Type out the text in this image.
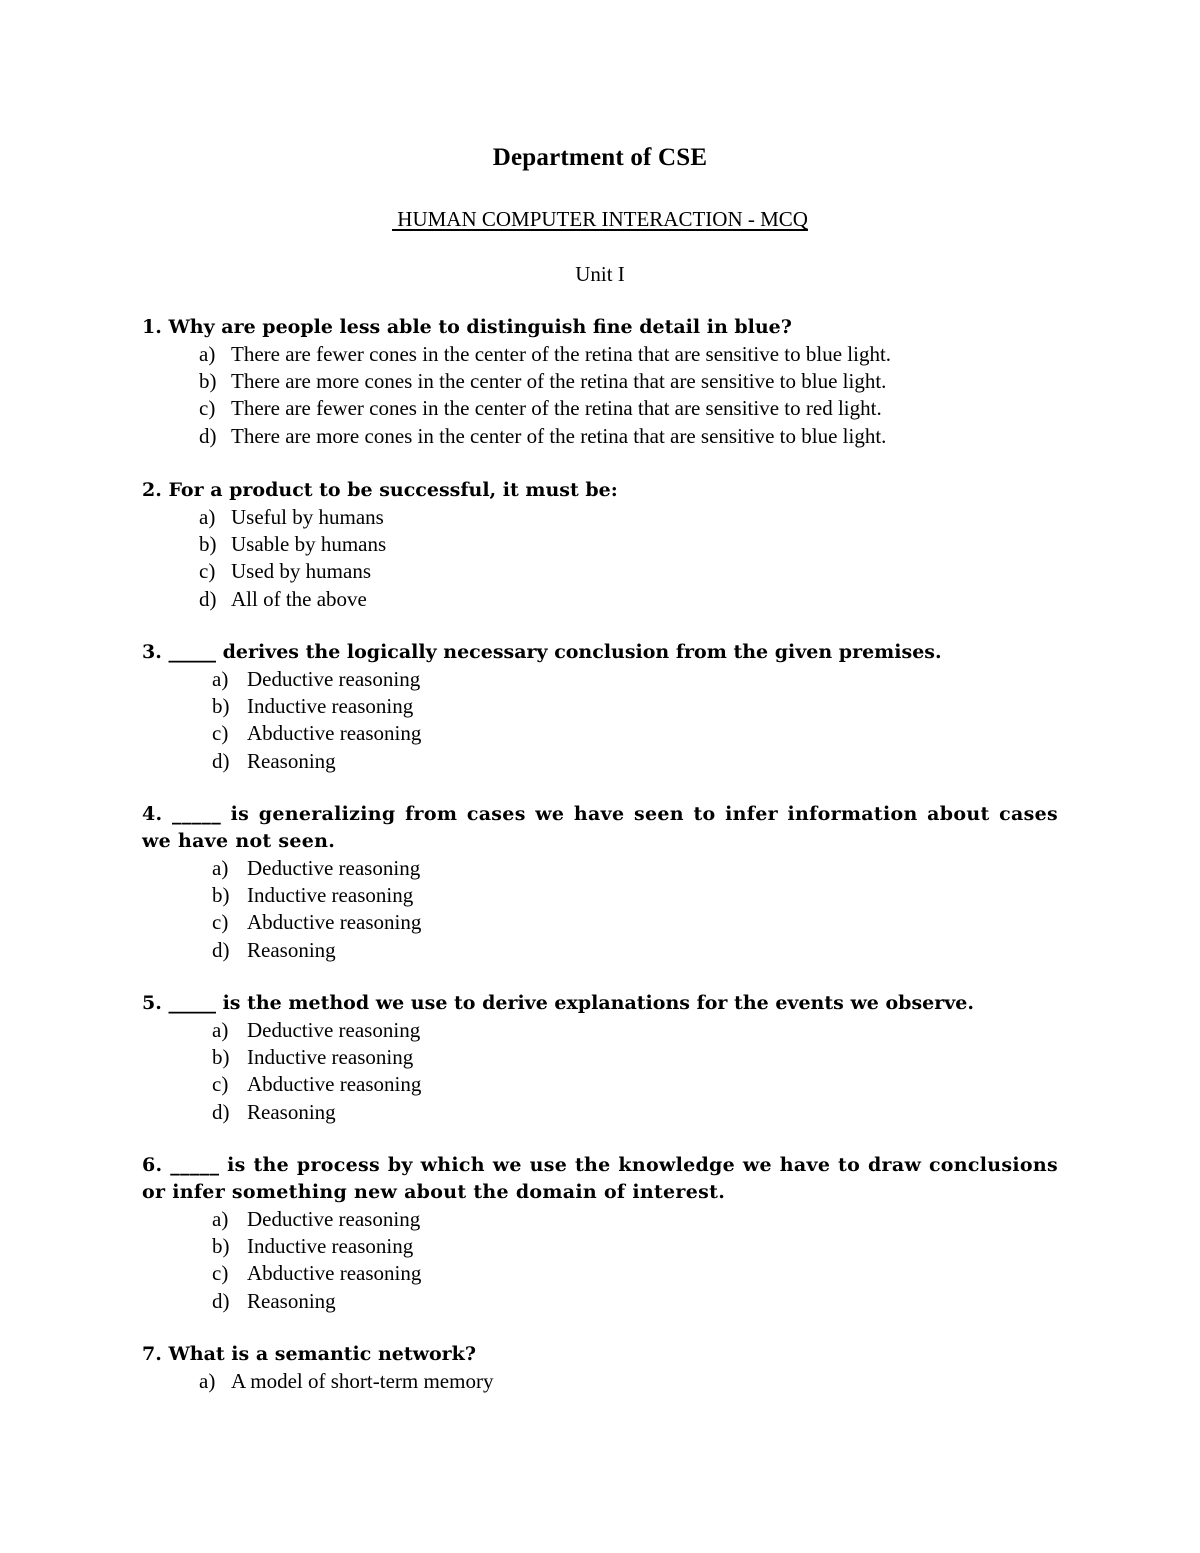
Department of CSE
HUMAN COMPUTER INTERACTION - MCQ
Unit I

1. Why are people less able to distinguish fine detail in blue?

a) There are fewer cones in the center of the retina that are sensitive to blue light.
b) There are more cones in the center of the retina that are sensitive to blue light.
c) There are fewer cones in the center of the retina that are sensitive to red light.
d) There are more cones in the center of the retina that are sensitive to blue light.

2. For a product to be successful, it must be:

a) Useful by humans
b) Usable by humans
c) Used by humans
d) All of the above

3. _____ derives the logically necessary conclusion from the given premises.

a) Deductive reasoning
b) Inductive reasoning
c) Abductive reasoning
d) Reasoning

4. _____ is generalizing from cases we have seen to infer information about cases we have not seen.

a) Deductive reasoning
b) Inductive reasoning
c) Abductive reasoning
d) Reasoning

5. _____ is the method we use to derive explanations for the events we observe.

a) Deductive reasoning
b) Inductive reasoning
c) Abductive reasoning
d) Reasoning

6. _____ is the process by which we use the knowledge we have to draw conclusions or infer something new about the domain of interest.

a) Deductive reasoning
b) Inductive reasoning
c) Abductive reasoning
d) Reasoning

7. What is a semantic network?

a) A model of short-term memory
